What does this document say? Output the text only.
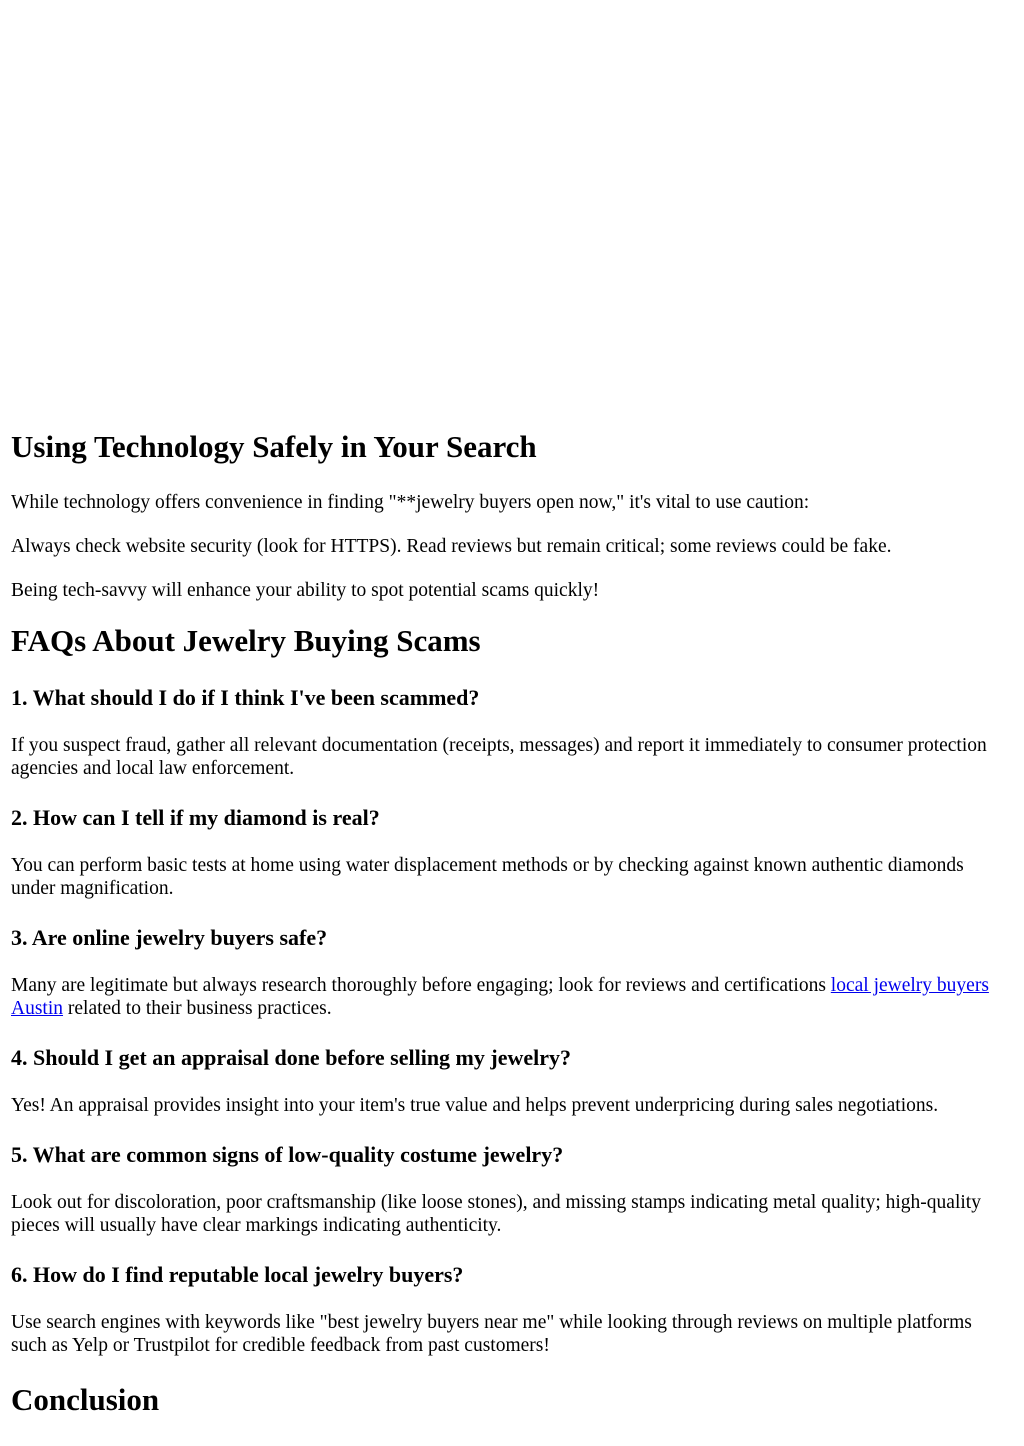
Using Technology Safely in Your Search

While technology offers convenience in finding "**jewelry buyers open now," it's vital to use caution:

Always check website security (look for HTTPS). Read reviews but remain critical; some reviews could be fake.

Being tech-savvy will enhance your ability to spot potential scams quickly!

FAQs About Jewelry Buying Scams
1. What should I do if I think I've been scammed?

If you suspect fraud, gather all relevant documentation (receipts, messages) and report it immediately to consumer protection agencies and local law enforcement.

2. How can I tell if my diamond is real?

You can perform basic tests at home using water displacement methods or by checking against known authentic diamonds under magnification.

3. Are online jewelry buyers safe?

Many are legitimate but always research thoroughly before engaging; look for reviews and certifications local jewelry buyers Austin related to their business practices.

4. Should I get an appraisal done before selling my jewelry?

Yes! An appraisal provides insight into your item's true value and helps prevent underpricing during sales negotiations.

5. What are common signs of low-quality costume jewelry?

Look out for discoloration, poor craftsmanship (like loose stones), and missing stamps indicating metal quality; high-quality pieces will usually have clear markings indicating authenticity.

6. How do I find reputable local jewelry buyers?

Use search engines with keywords like "best jewelry buyers near me" while looking through reviews on multiple platforms such as Yelp or Trustpilot for credible feedback from past customers!

Conclusion
